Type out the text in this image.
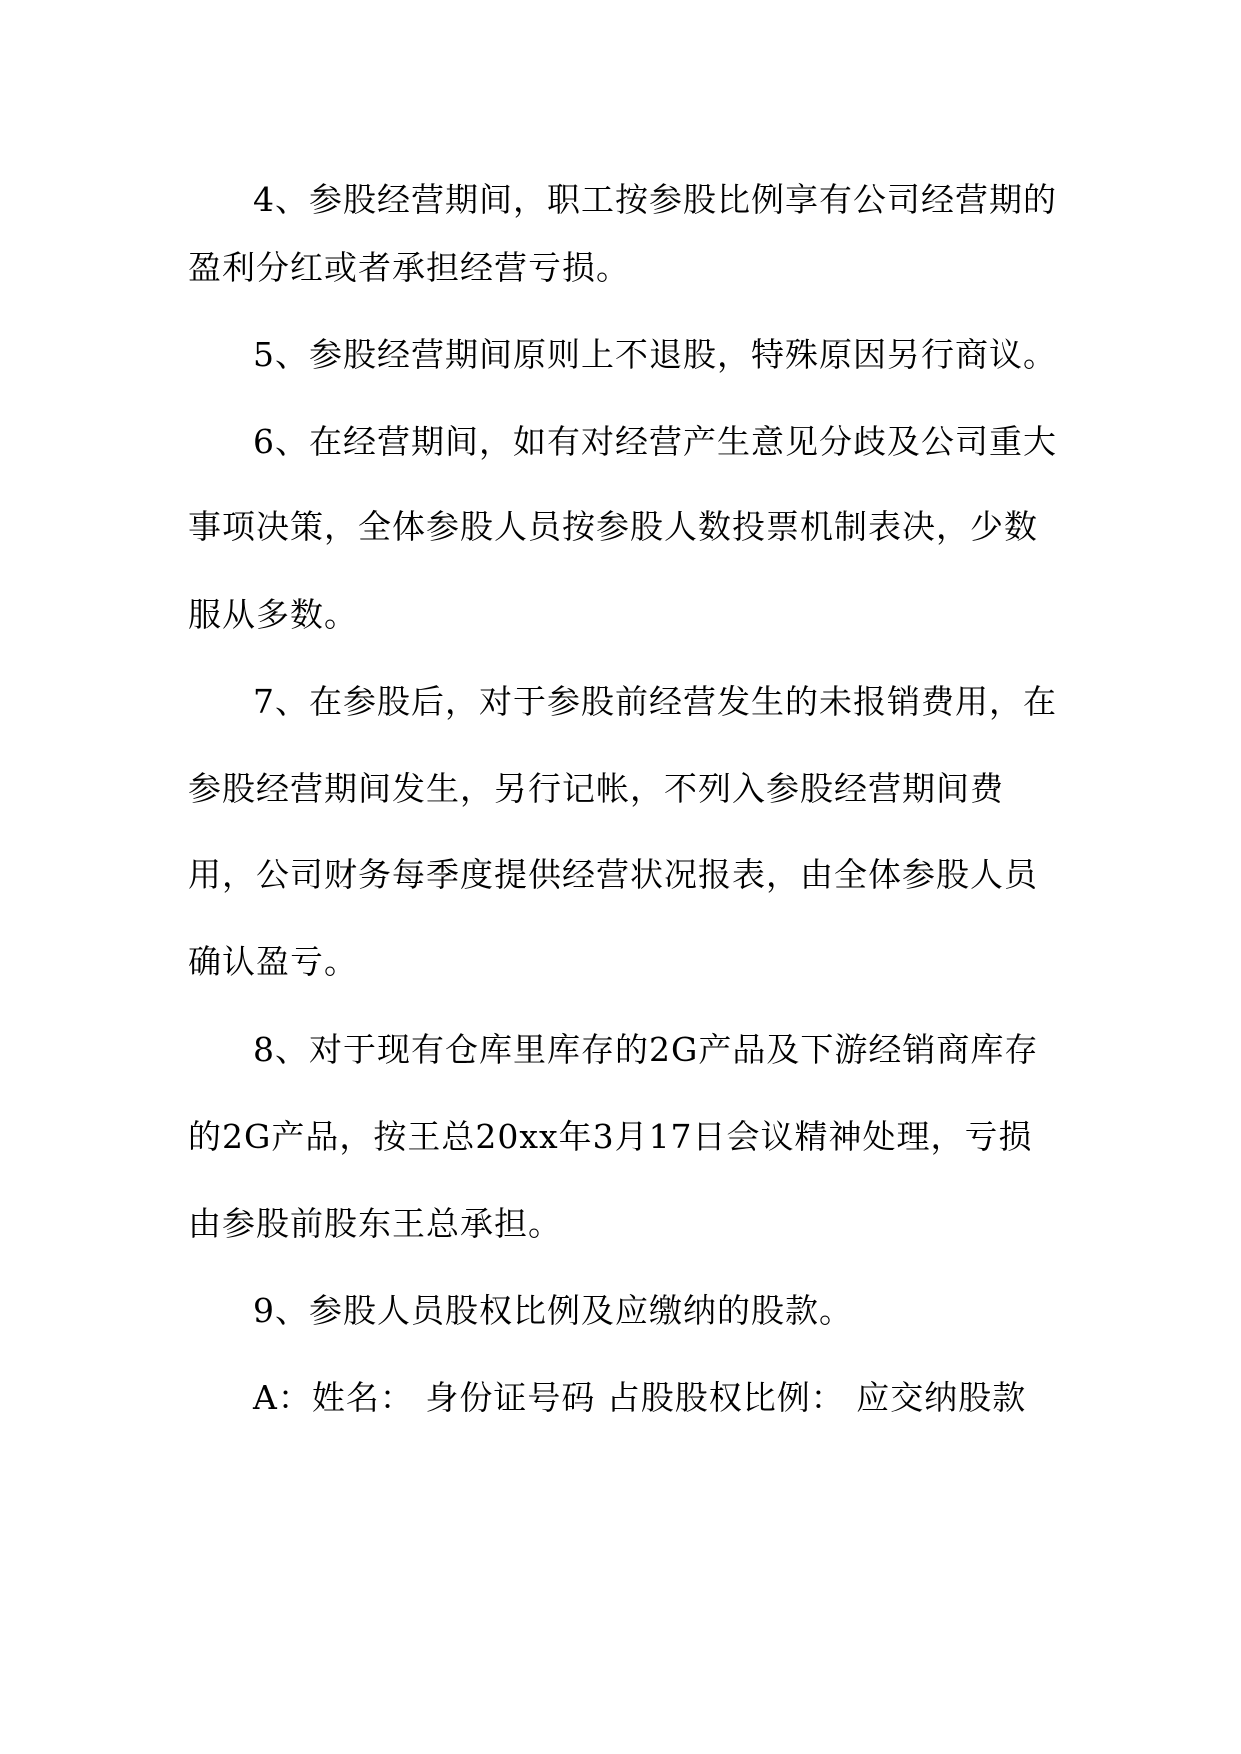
4、参股经营期间，职工按参股比例享有公司经营期的
盈利分红或者承担经营亏损。
5、参股经营期间原则上不退股，特殊原因另行商议。
6、在经营期间，如有对经营产生意见分歧及公司重大
事项决策，全体参股人员按参股人数投票机制表决，少数
服从多数。
7、在参股后，对于参股前经营发生的未报销费用，在
参股经营期间发生，另行记帐，不列入参股经营期间费
用，公司财务每季度提供经营状况报表，由全体参股人员
确认盈亏。
8、对于现有仓库里库存的2G产品及下游经销商库存
的2G产品，按王总20xx年3月17日会议精神处理，亏损
由参股前股东王总承担。
9、参股人员股权比例及应缴纳的股款。
A：姓名： 身份证号码 占股股权比例： 应交纳股款
